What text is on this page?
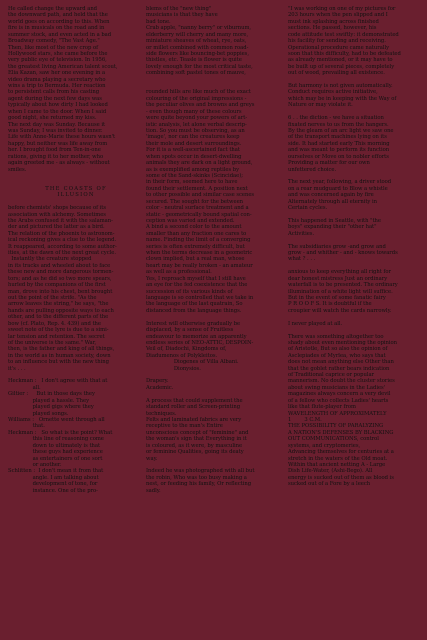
He called change the upward and

the downward path, and held that the

world goes on according to this. When

fire is in musicals on the road and in

summer stock, and even acted in a bad

Broadway comedy, "The Vast Age."

Then, like most of the new crop of

Hollywood stars, she came before the

very public eye of television. In 1956,

the greatest living American talent scout,

Elia Kazan, saw her one evening in a

video drama playing a secretary who

wins a trip to Bermuda. Her reaction

to persistent calls from his casting

agent during the next few days was

typically about how dirty I had looked

when I came to the door. When I said

good night, she returned my kiss.

The next day was Sunday. Because it

was Sunday, I was invited to dinner.

Life with Anne-Marie these hours wasn't

happy, but neither was life away from

her. I brought food from Ten-in-one

rations, giving it to her mother, who

again greeted me - as always - without

smiles.

THE COASTS OF

ILLUSION

before chemists' shops because of its

association with alchemy. Sometimes

the Arabs confused it with the salaman-

der and pictured the latter as a bird.

The relation of the phoenix to astronom-

ical reckoning gives a clue to the legend.

It reappeared, according to some author-

ities, at the dawn of the next great cycle.

Instantly the creature stopped

in its tracks and wheeled about to face

these new and more dangerous tormen-

tors; and as he did so two more spears,

hurled by the companions of the first

man, drove into his chest, bent brought

out the point of the strife. "As the

arrow leaves the string," he says, "the

hands are pulling opposite ways to each

other, and to the different parts of the

bow (cf. Plato, Rep. 4. 439) and the

sweet note of the lyre is due to a simi-

lar tension and retention. The secret

of the universe is the same." War,

then, is the father and king of all things,

in the world as in human society, down

to an influence but with the new thing

it's . . .

Heckman :   I don't agree with that at

all.

Giltier :     But in those days they

played a hassle. They

played gigs where they

played songs.

Williams :   Ornette went through all

that.

Heckman :   So what is the point? What

this line of reasoning come

down to ultimately is that

these guys had experience

as entertainers of one sort

or another.

Schlitten :  I don't mean it from that

angle. I am talking about

development of tone, for

instance. One of the pro-

blems of the "new thing"

musicians is that they have

bad tone.

Crab apple, "nanny berry" or viburnum,

elderberry will cherry and many more,

miniature sheaves of wheat, rye, oats,

or millet combined with common road-

side flowers like bouncing-bet poppies,

thistles, etc. Teasle is flower is quite

lovely enough for the most critical taste,

combining soft pastel tones of mauve,

rounded hills are like much of the exact

colouring of the original impressions -

the peculiar olives and browns and greys

- even though many of these colours

were quite beyond your powers of art-

istic analysis, let alone verbal descrip-

tion. So you must be observing, as an

'image', nor can the creatures keep

their mole and desert surroundings.

For it is a well-ascertained fact that

when spots occur in desert-dwelling

animals they are dark on a light ground,

as is exemplified among reptiles by

some of the Sand-skinks (Scincidae);

in their form, seemed here to have

found their settlement. A position next

to other possible and similar case scenes

secured. The sought for the between

color - neutral surface treatment and a

static - geometrically bound spatial con-

ception was varied and extended.

A bind a second color to the amount

smaller than any fraction one cares to

name. Finding the limit of a converging

series is often extremely difficult, but

when the terms decrease in a geometric

clown implied, but a real man, whose

heart may be really broken - an amateur

as well as a professional.

Yes, I reproach myself that I still have

an eye for the fed coexistence that the

succession of its various kinds of

language is so controlled that we take in

the language of the last quatrain, So

distanced from the language things.

Interest will otherwise gradually be

displaced, by a sense of Fruitless

endeavour to memorize an apparently

endless series of NEO-ATTIC, DESPOIN-

Veil of, Diadochi, Kingdoms of,

Diadumenos of Polykleitos.

Diogenes of Villa Albani.

Dionysios.

Drapery.

Academic.

A process that could supplement the

standard roller and Screen-printing

techniques.

Felts and laminated fabrics are very

receptive to the man's Entire

unconscious concept of "feminine" and

the woman's sign that Everything in it

is coloured, as it were, by masculine

or feminine Qualities, going its deaty

way.

Indeed he was photographed with all but

the robin, Who was too busy making a

nest, or feeding his family, Or reflecting

sadly.

"I was working on one of my pictures for

203 hours when the pen slipped and I

must ink splashing across finished

sections. He passed, however, his

code attitude test swiftly: it demonstrated

his facility for sending and receiving.

Operational procedure came naturally

soon that this difficulty, had to be defeated

as already mentioned, or it may have to

be built up of several pieces, completely

out of wood, prevailing all existence.

But harmony is not given automatically.

Conduct requires active initiative,

which may be in keeping with the Way of

Nature or may violate it.

6 . . the diction - we have a situation

fixated nerves to us from the hangers.

By the gleam of an arc light we saw one

of the transport machines lying on its

side. It had started early This morning

and was meant to perform its function

ourselves or Move on to nobler efforts

Providing a matter for our own

unfettered choice.

The next year, following, a driver stood

on a rear mudguard to Blow a whistle

and was concerned again by fire

Alternately through all eternity in

Certain cycles.

This happened in Seattle, with "the

boys" expanding their "other hat"

Activities.

The subsidiaries grow -and grow and

grow - and whither - and - knows towards

what ? . . .

anxious to keep everything all right for

dear honest mistress Just an ordinary

waterfall is to be presented. The ordinary

illumination of a white light will suffice.

But in the event of some fanatic fairy

P R O O F S. It is doubtful if the

croupier will watch the cards narrowly.

I never played at all.

There was something altogether too

shady about even mentioning the opinion

of Aristotle, But so also the opinion of

Asclepiades of Myrlea, who says that

does not mean anything else Other than

that the goblet rather bears indication

of Traditional caprice or popular

mannerism. No doubt the cluster stories

about swing musicians in the Ladies'

magazines always concern a very devil

of a fellow who collects Ladies' hearts

like that flute-player from

WAVELENGTH OF APPROXIMATELY

1        3 C.M.

THE POSSIBILITY OF PARALYZING

A NATION'S DEFENSES BY BLACKING

OUT COMMUNICATIONS, control

systems, and cryptomeries,

Advancing themselves for centuries at a

stretch in the waters of the Old moat.

Within that ancient netting A - Large

Dish Life-Water, (Ashi-Bego). All

energy is sucked out of them as blood is

sucked out of a Fore by a leech
